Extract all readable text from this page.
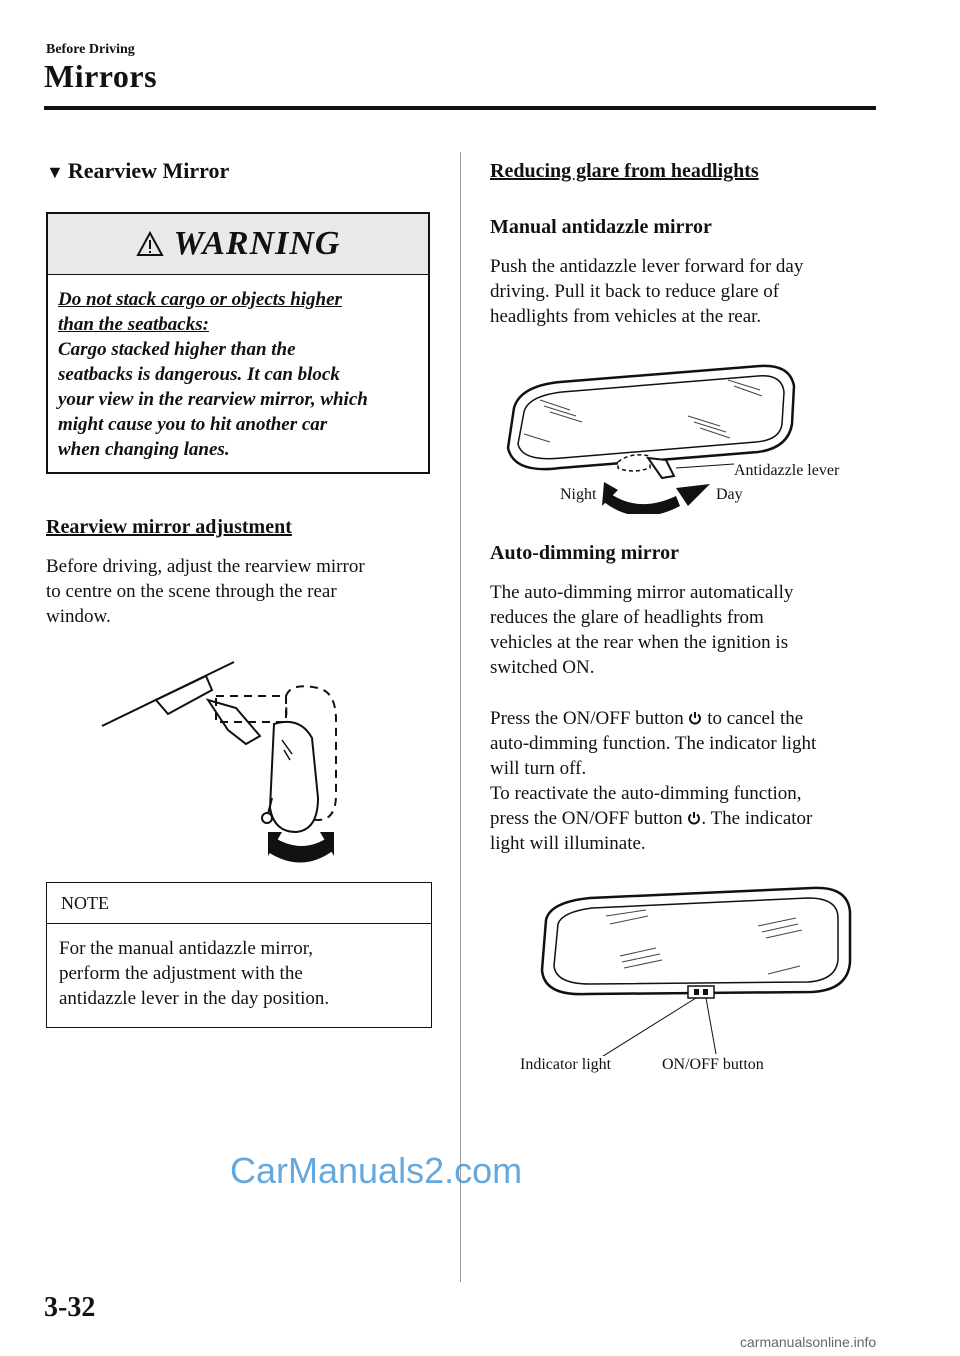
Before Driving
Mirrors
▼ Rearview Mirror
WARNING
Do not stack cargo or objects higher
than the seatbacks:
Cargo stacked higher than the
seatbacks is dangerous. It can block
your view in the rearview mirror, which
might cause you to hit another car
when changing lanes.
Rearview mirror adjustment
Before driving, adjust the rearview mirror
to centre on the scene through the rear
window.
NOTE
For the manual antidazzle mirror,
perform the adjustment with the
antidazzle lever in the day position.
Reducing glare from headlights
Manual antidazzle mirror
Push the antidazzle lever forward for day
driving. Pull it back to reduce glare of
headlights from vehicles at the rear.
Antidazzle lever
Night	Day
Auto-dimming mirror
The auto-dimming mirror automatically
reduces the glare of headlights from
vehicles at the rear when the ignition is
switched ON.
Press the ON/OFF button to cancel the
auto-dimming function. The indicator light
will turn off.
To reactivate the auto-dimming function,
press the ON/OFF button . The indicator
light will illuminate.
Indicator light	ON/OFF button
CarManuals2.com
3-32
carmanualsonline.info
